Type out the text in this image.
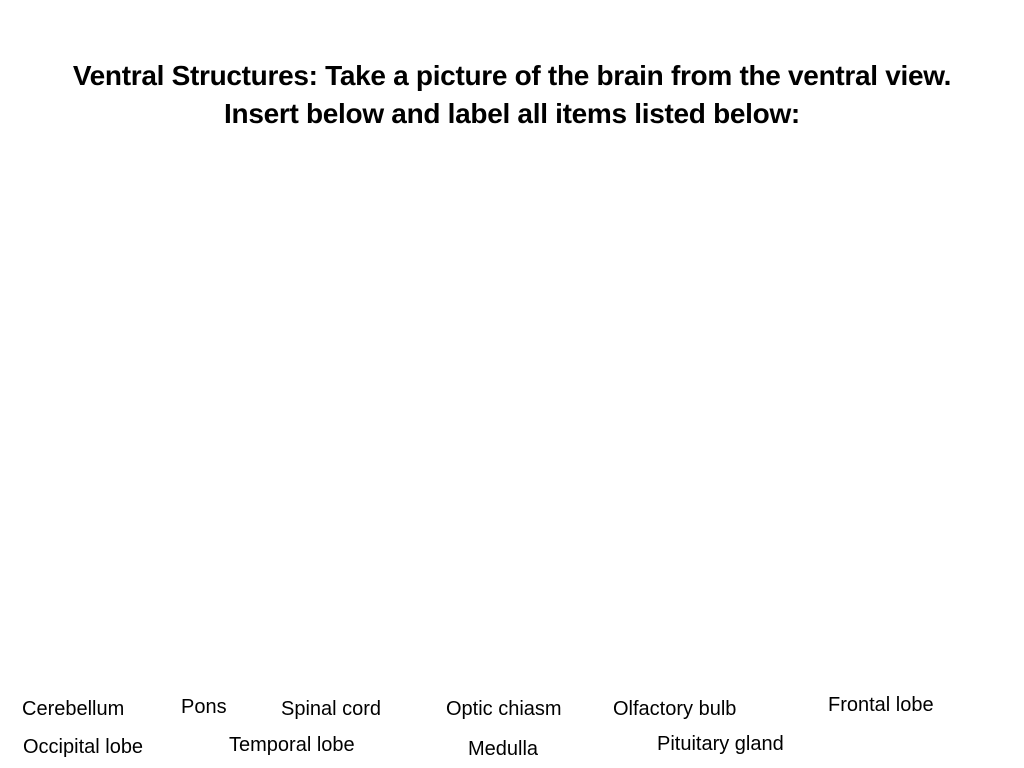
Ventral Structures: Take a picture of the brain from the ventral view. Insert below and label all items listed below:
Cerebellum	Pons	Spinal cord	Optic chiasm	Olfactory bulb	Frontal lobe
Occipital lobe	Temporal lobe	Medulla	Pituitary gland
